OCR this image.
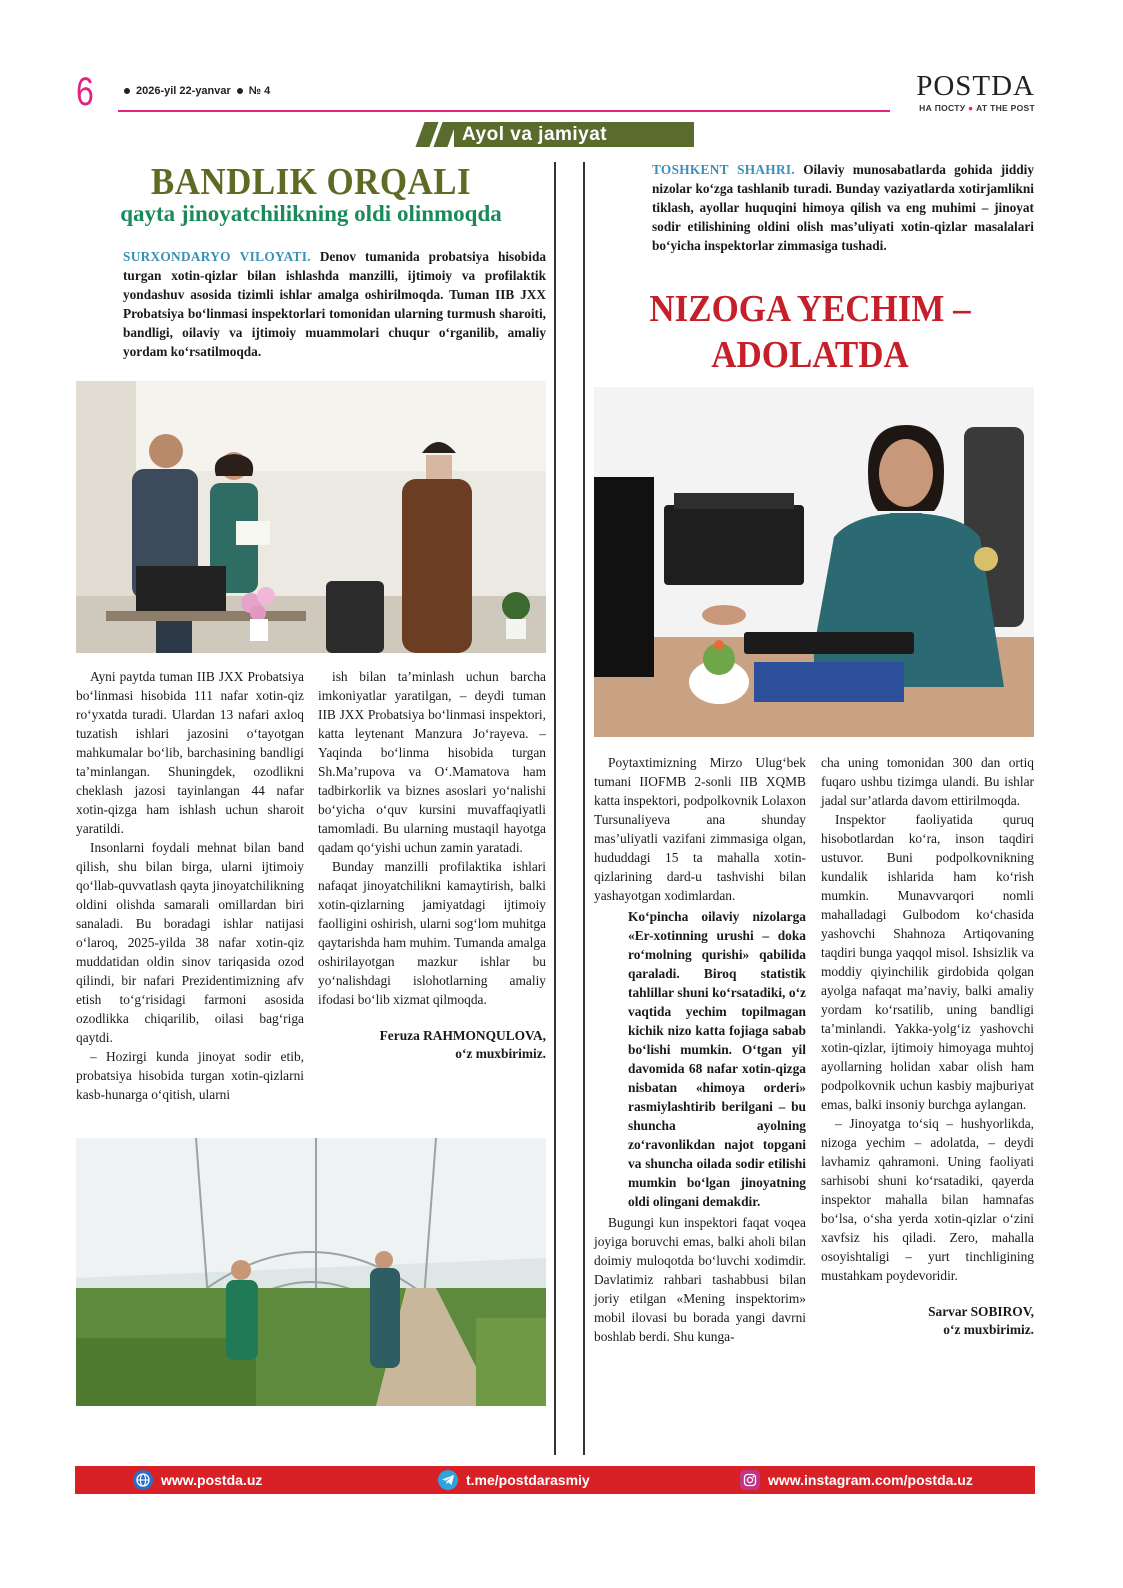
6	2026-yil 22-yanvar № 4	POSTDA
НА ПОСТУ ● AT THE POST
Ayol va jamiyat
BANDLIK ORQALI
qayta jinoyatchilikning oldi olinmoqda
SURXONDARYO VILOYATI. Denov tumanida probatsiya hisobida turgan xotin-qizlar bilan ishlashda manzilli, ijtimoiy va profilaktik yondashuv asosida tizimli ishlar amalga oshirilmoqda. Tuman IIB JXX Probatsiya bo‘linmasi inspektorlari tomonidan ularning turmush sharoiti, bandligi, oilaviy va ijtimoiy muammolari chuqur o‘rganilib, amaliy yordam ko‘rsatilmoqda.

Ayni paytda tuman IIB JXX Probatsiya bo‘linmasi hisobida 111 nafar xotin-qiz ro‘yxatda turadi. Ulardan 13 nafari axloq tuzatish ishlari jazosini o‘tayotgan mahkumalar bo‘lib, barchasining bandligi ta’minlangan. Shuningdek, ozodlikni cheklash jazosi tayinlangan 44 nafar xotin-qizga ham ishlash uchun sharoit yaratildi.

Insonlarni foydali mehnat bilan band qilish, shu bilan birga, ularni ijtimoiy qo‘llab-quvvatlash qayta jinoyatchilikning oldini olishda samarali omillardan biri sanaladi. Bu boradagi ishlar natijasi o‘laroq, 2025-yilda 38 nafar xotin-qiz muddatidan oldin sinov tariqasida ozod qilindi, bir nafari Prezidentimizning afv etish to‘g‘risidagi farmoni asosida ozodlikka chiqarilib, oilasi bag‘riga qaytdi.

– Hozirgi kunda jinoyat sodir etib, probatsiya hisobida turgan xotin-qizlarni kasb-hunarga o‘qitish, ularni

ish bilan ta’minlash uchun barcha imkoniyatlar yaratilgan, – deydi tuman IIB JXX Probatsiya bo‘linmasi inspektori, katta leytenant Manzura Jo‘rayeva. – Yaqinda bo‘linma hisobida turgan Sh.Ma’rupova va O‘.Mamatova ham tadbirkorlik va biznes asoslari yo‘nalishi bo‘yicha o‘quv kursini muvaffaqiyatli tamomladi. Bu ularning mustaqil hayotga qadam qo‘yishi uchun zamin yaratadi.

Bunday manzilli profilaktika ishlari nafaqat jinoyatchilikni kamaytirish, balki xotin-qizlarning jamiyatdagi ijtimoiy faolligini oshirish, ularni sog‘lom muhitga qaytarishda ham muhim. Tumanda amalga oshirilayotgan mazkur ishlar bu yo‘nalishdagi islohotlarning amaliy ifodasi bo‘lib xizmat qilmoqda.

Feruza RAHMONQULOVA,
o‘z muxbirimiz.

TOSHKENT SHAHRI. Oilaviy munosabatlarda gohida jiddiy nizolar ko‘zga tashlanib turadi. Bunday vaziyatlarda xotirjamlikni tiklash, ayollar huquqini himoya qilish va eng muhimi – jinoyat sodir etilishining oldini olish mas’uliyati xotin-qizlar masalalari bo‘yicha inspektorlar zimmasiga tushadi.
NIZOGA YECHIM –
ADOLATDA

Poytaxtimizning Mirzo Ulug‘bek tumani IIOFMB 2-sonli IIB XQMB katta inspektori, podpolkovnik Lolaxon Tursunaliyeva ana shunday mas’uliyatli vazifani zimmasiga olgan, hududdagi 15 ta mahalla xotin-qizlarining dard-u tashvishi bilan yashayotgan xodimlardan.

Ko‘pincha oilaviy nizolarga «Er-xotinning urushi – doka ro‘molning qurishi» qabilida qaraladi. Biroq statistik tahlillar shuni ko‘rsatadiki, o‘z vaqtida yechim topilmagan kichik nizo katta fojiaga sabab bo‘lishi mumkin. O‘tgan yil davomida 68 nafar xotin-qizga nisbatan «himoya orderi» rasmiylashtirib berilgani – bu shuncha ayolning zo‘ravonlikdan najot topgani va shuncha oilada sodir etilishi mumkin bo‘lgan jinoyatning oldi olingani demakdir.

Bugungi kun inspektori faqat voqea joyiga boruvchi emas, balki aholi bilan doimiy muloqotda bo‘luvchi xodimdir. Davlatimiz rahbari tashabbusi bilan joriy etilgan «Mening inspektorim» mobil ilovasi bu borada yangi davrni boshlab berdi. Shu kunga-

cha uning tomonidan 300 dan ortiq fuqaro ushbu tizimga ulandi. Bu ishlar jadal sur’atlarda davom ettirilmoqda.

Inspektor faoliyatida quruq hisobotlardan ko‘ra, inson taqdiri ustuvor. Buni podpolkovnikning kundalik ishlarida ham ko‘rish mumkin. Munavvarqori nomli mahalladagi Gulbodom ko‘chasida yashovchi Shahnoza Artiqovaning taqdiri bunga yaqqol misol. Ishsizlik va moddiy qiyinchilik girdobida qolgan ayolga nafaqat ma’naviy, balki amaliy yordam ko‘rsatilib, uning bandligi ta’minlandi. Yakka-yolg‘iz yashovchi xotin-qizlar, ijtimoiy himoyaga muhtoj ayollarning holidan xabar olish ham podpolkovnik uchun kasbiy majburiyat emas, balki insoniy burchga aylangan.

– Jinoyatga to‘siq – hushyorlikda, nizoga yechim – adolatda, – deydi lavhamiz qahramoni. Uning faoliyati sarhisobi shuni ko‘rsatadiki, qayerda inspektor mahalla bilan hamnafas bo‘lsa, o‘sha yerda xotin-qizlar o‘zini xavfsiz his qiladi. Zero, mahalla osoyishtaligi – yurt tinchligining mustahkam poydevoridir.

Sarvar SOBIROV,
o‘z muxbirimiz.

www.postda.uz	t.me/postdarasmiy	www.instagram.com/postda.uz
